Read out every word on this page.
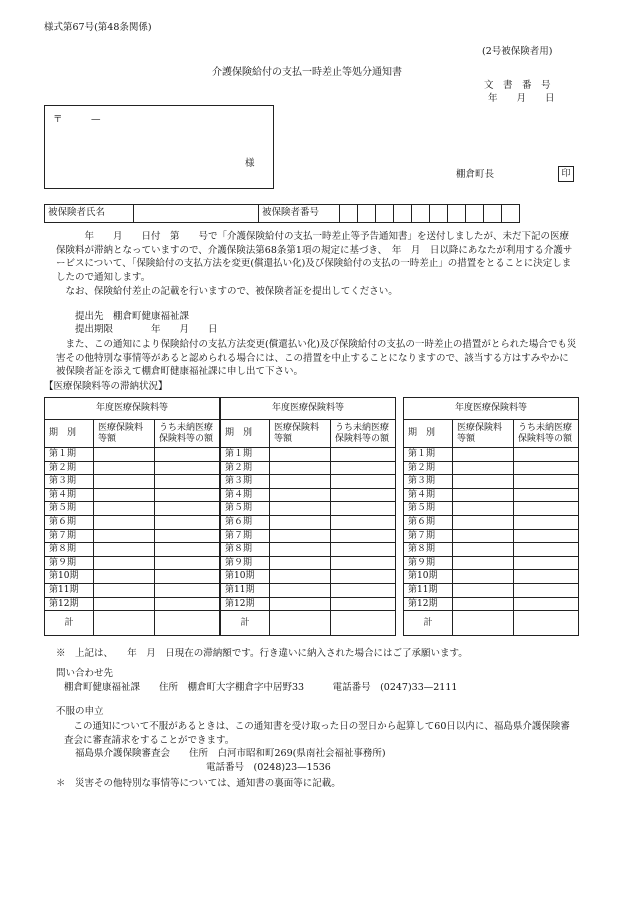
様式第67号(第48条関係)
(2号被保険者用)
介護保険給付の支払一時差止等処分通知書
文　書　番　号
年　　月　　日
〒　　　—
様
棚倉町長	印
被保険者氏名		被保険者番号										
　　年　　月　　日付　第　　号で「介護保険給付の支払一時差止等予告通知書」を送付しましたが、未だ下記の医療保険料が滞納となっていますので、介護保険法第68条第1項の規定に基づき、　年　月　日以降にあなたが利用する介護サービスについて、「保険給付の支払方法を変更(償還払い化)及び保険給付の支払の一時差止」の措置をとることに決定しましたので通知します。
なお、保険給付差止の記載を行いますので、被保険者証を提出してください。
提出先　棚倉町健康福祉課
提出期限　　　　年　　月　　日
また、この通知により保険給付の支払方法変更(償還払い化)及び保険給付の支払の一時差止の措置がとられた場合でも災害その他特別な事情等があると認められる場合には、この措置を中止することになりますので、該当する方はすみやかに被保険者証を添えて棚倉町健康福祉課に申し出て下さい。
【医療保険料等の滞納状況】
年度医療保険料等		
期　別	医療保険料等額	うち未納医療保険料等の額
第１期		
第２期		
第３期		
第４期		
第５期		
第６期		
第７期		
第８期		
第９期		
第10期		
第11期		
第12期		
計		
年度医療保険料等		
期　別	医療保険料等額	うち未納医療保険料等の額
第１期		
第２期		
第３期		
第４期		
第５期		
第６期		
第７期		
第８期		
第９期		
第10期		
第11期		
第12期		
計		
年度医療保険料等		
期　別	医療保険料等額	うち未納医療保険料等の額
第１期		
第２期		
第３期		
第４期		
第５期		
第６期		
第７期		
第８期		
第９期		
第10期		
第11期		
第12期		
計		
※　上記は、　　年　月　日現在の滞納額です。行き違いに納入された場合にはご了承願います。
問い合わせ先
棚倉町健康福祉課　　住所　棚倉町大字棚倉字中居野33　　　電話番号　(0247)33—2111
不服の申立
この通知について不服があるときは、この通知書を受け取った日の翌日から起算して60日以内に、福島県介護保険審査会に審査請求をすることができます。
福島県介護保険審査会　　住所　白河市昭和町269(県南社会福祉事務所)
電話番号　(0248)23—1536
＊　災害その他特別な事情等については、通知書の裏面等に記載。
